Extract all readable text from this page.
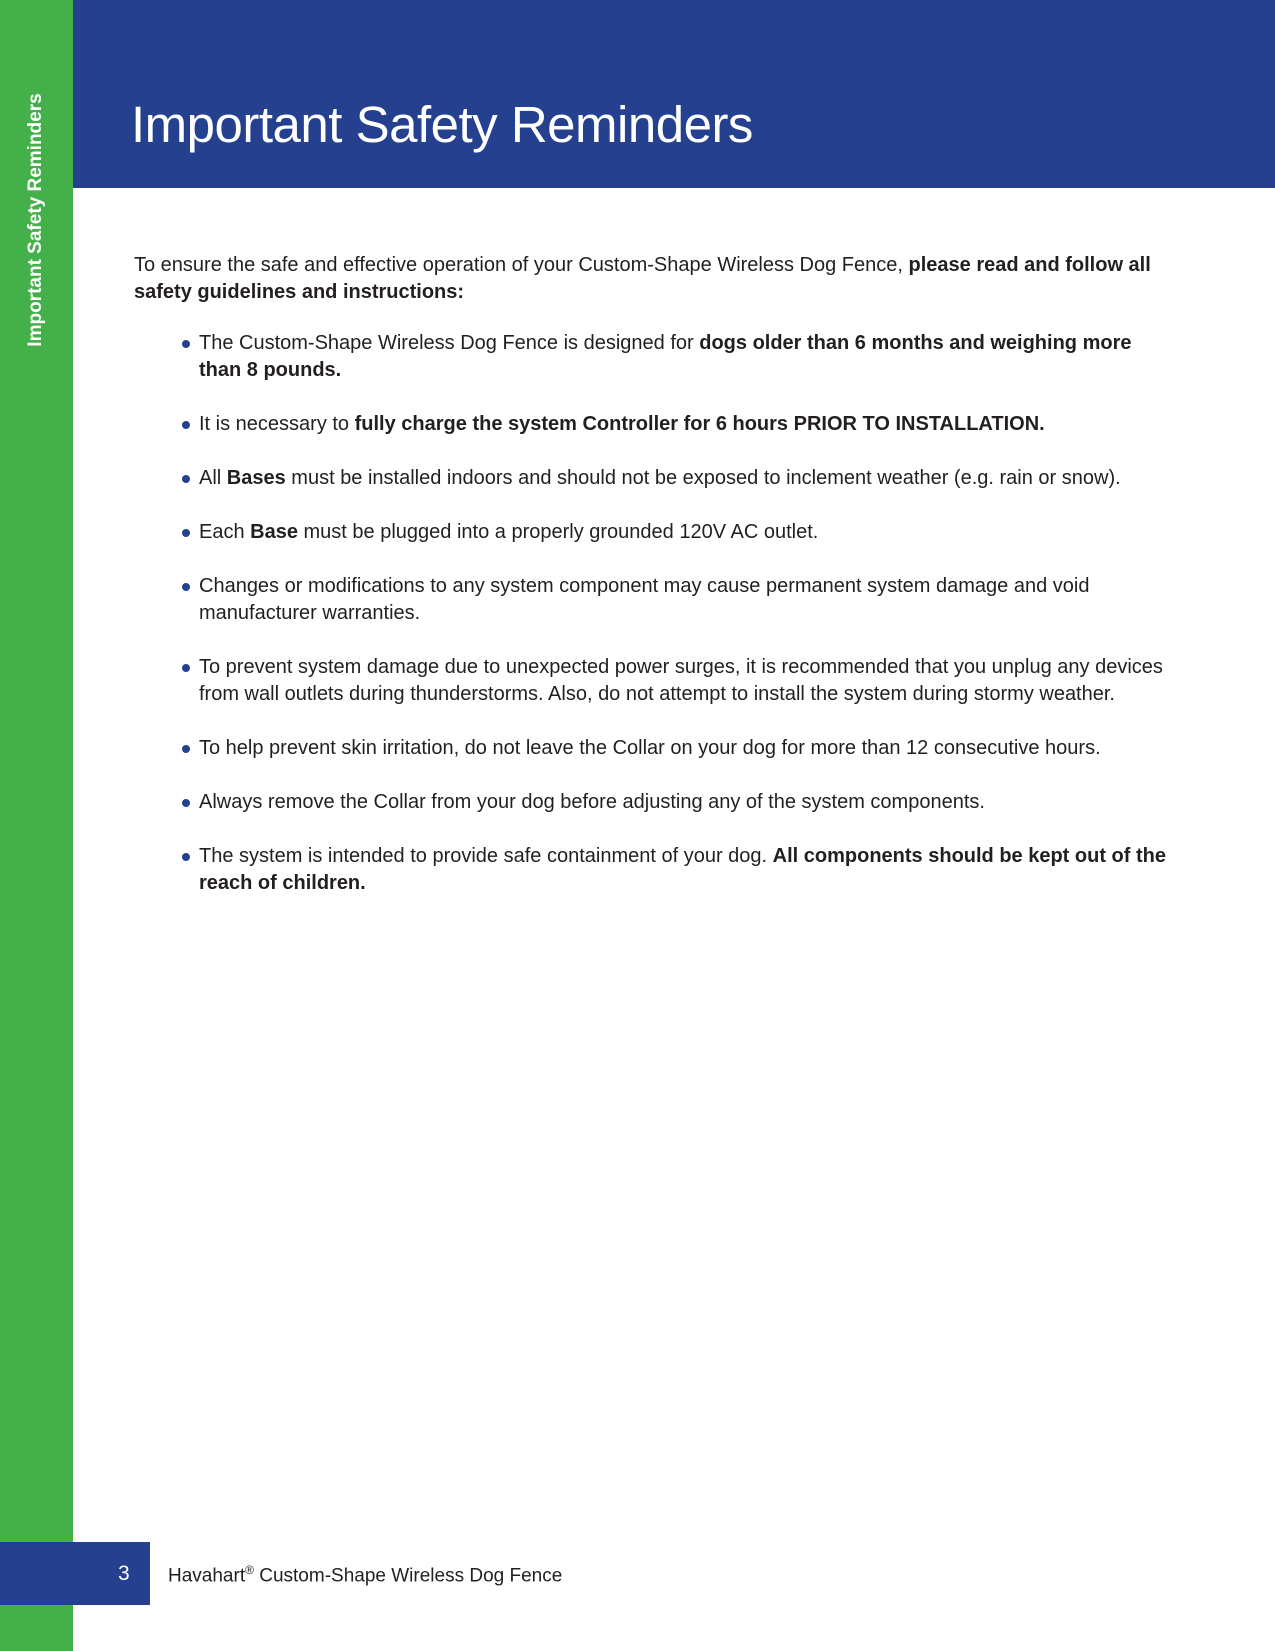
Important Safety Reminders Important Safety Reminders

To ensure the safe and effective operation of your Custom-Shape Wireless Dog Fence, please read and follow all safety guidelines and instructions:

The Custom-Shape Wireless Dog Fence is designed for dogs older than 6 months and weighing more than 8 pounds.
It is necessary to fully charge the system Controller for 6 hours PRIOR TO INSTALLATION.
All Bases must be installed indoors and should not be exposed to inclement weather (e.g. rain or snow).
Each Base must be plugged into a properly grounded 120V AC outlet.
Changes or modifications to any system component may cause permanent system damage and void manufacturer warranties.
To prevent system damage due to unexpected power surges, it is recommended that you unplug any devices from wall outlets during thunderstorms. Also, do not attempt to install the system during stormy weather.
To help prevent skin irritation, do not leave the Collar on your dog for more than 12 consecutive hours.
Always remove the Collar from your dog before adjusting any of the system components.
The system is intended to provide safe containment of your dog. All components should be kept out of the reach of children.
3 Havahart® Custom-Shape Wireless Dog Fence
